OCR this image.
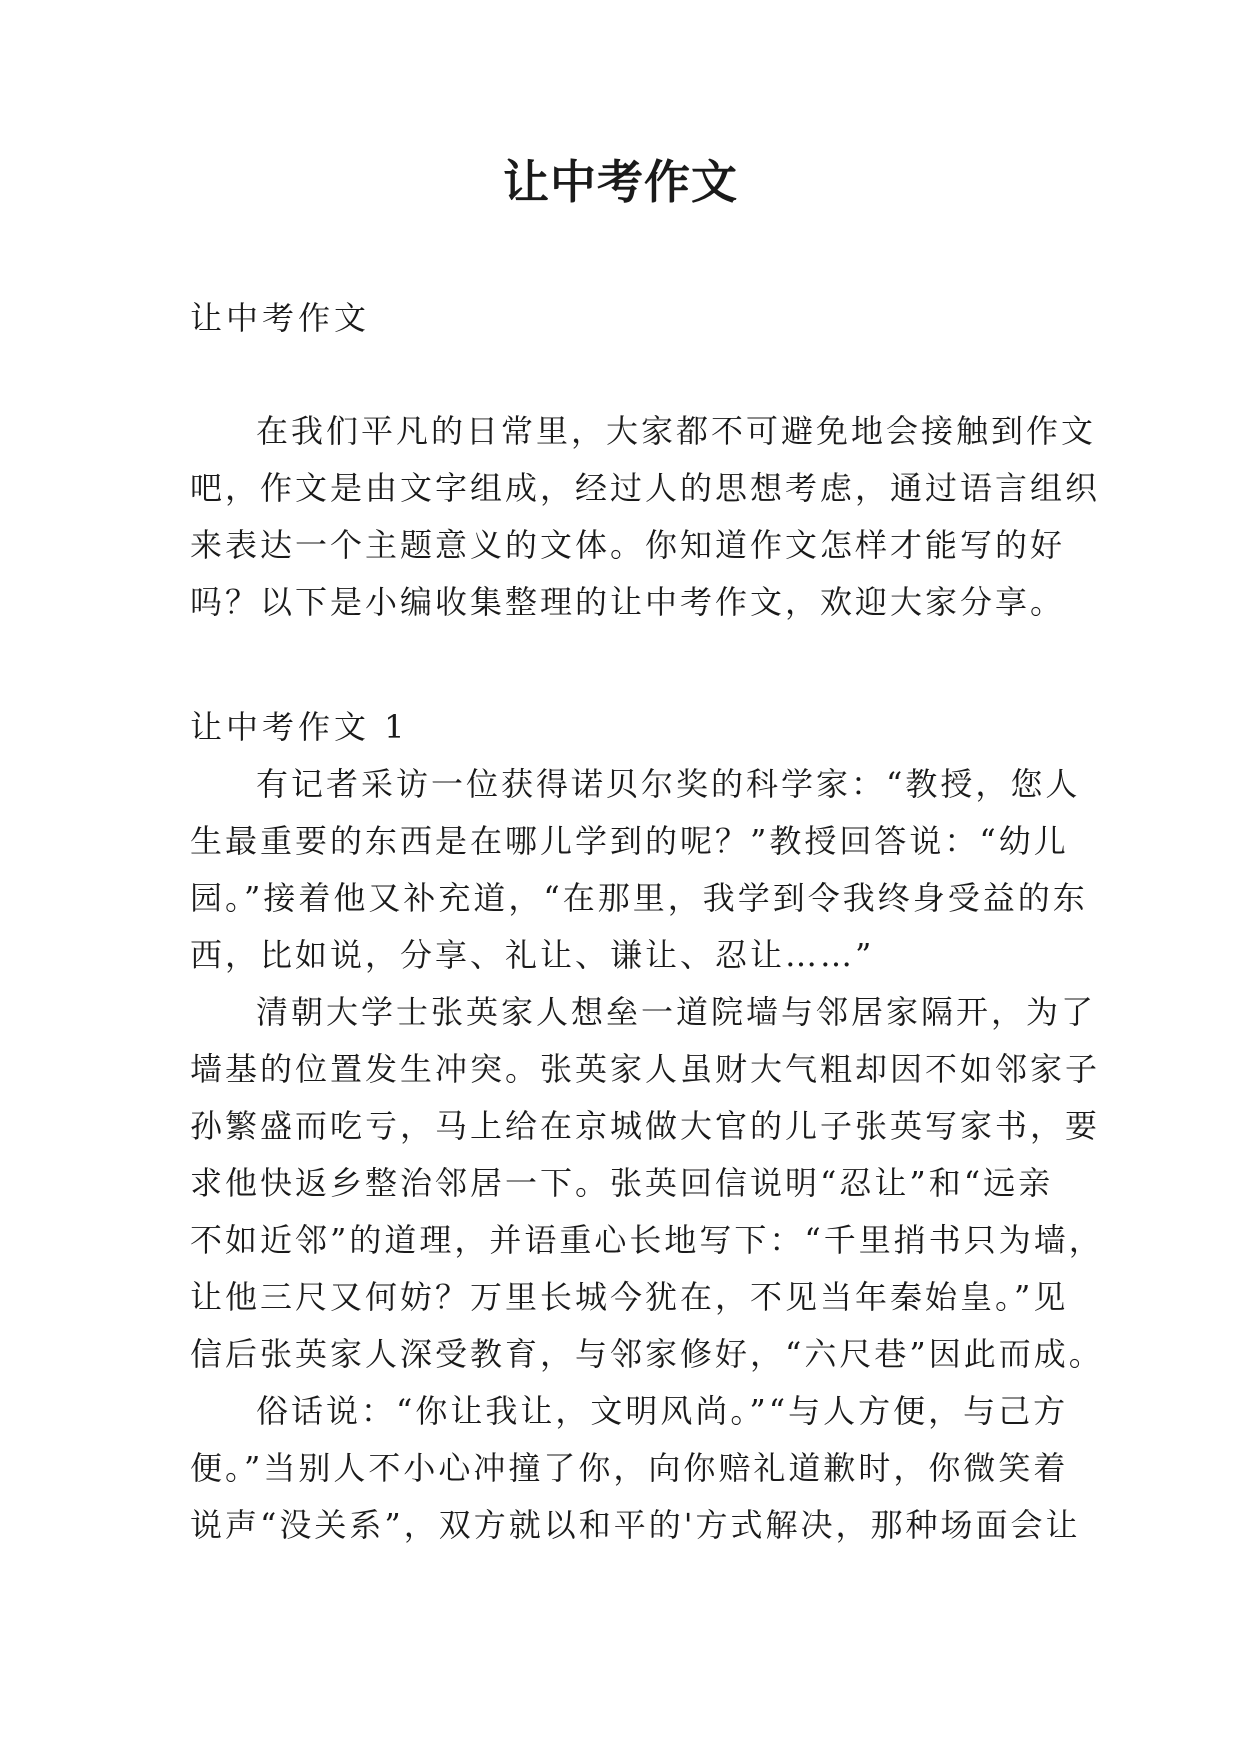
让中考作文

让中考作文

在我们平凡的日常里，大家都不可避免地会接触到作文
吧，作文是由文字组成，经过人的思想考虑，通过语言组织
来表达一个主题意义的文体。你知道作文怎样才能写的好
吗？以下是小编收集整理的让中考作文，欢迎大家分享。
让中考作文 1
有记者采访一位获得诺贝尔奖的科学家：“教授，您人
生最重要的东西是在哪儿学到的呢？”教授回答说：“幼儿
园。”接着他又补充道，“在那里，我学到令我终身受益的东
西，比如说，分享、礼让、谦让、忍让……”
清朝大学士张英家人想垒一道院墙与邻居家隔开，为了
墙基的位置发生冲突。张英家人虽财大气粗却因不如邻家子
孙繁盛而吃亏，马上给在京城做大官的儿子张英写家书，要
求他快返乡整治邻居一下。张英回信说明“忍让”和“远亲
不如近邻”的道理，并语重心长地写下：“千里捎书只为墙，
让他三尺又何妨？万里长城今犹在，不见当年秦始皇。”见
信后张英家人深受教育，与邻家修好，“六尺巷”因此而成。
俗话说：“你让我让，文明风尚。”“与人方便，与己方
便。”当别人不小心冲撞了你，向你赔礼道歉时，你微笑着
说声“没关系”，双方就以和平的'方式解决，那种场面会让
